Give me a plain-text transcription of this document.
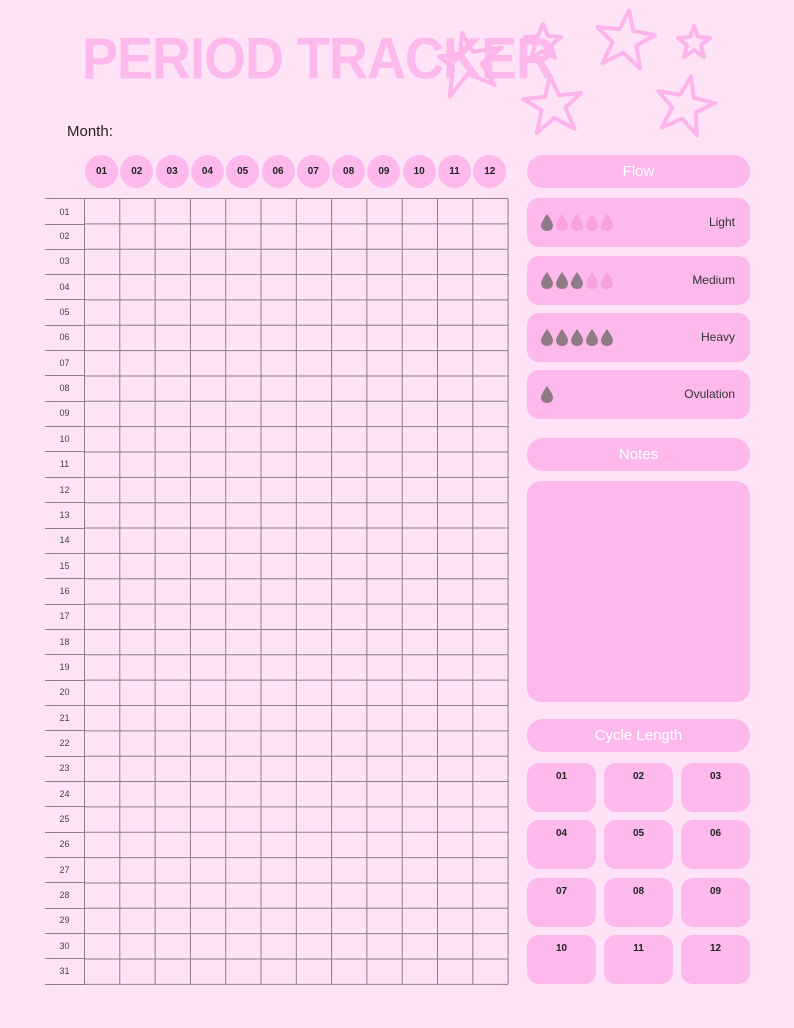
PERIOD TRACKER
Month:
01	02	03	04	05	06	07	08	09	10	11	12
01
02
03
04
05
06
07
08
09
10
11
12
13
14
15
16
17
18
19
20
21
22
23
24
25
26
27
28
29
30
31
Flow
Light
Medium
Heavy
Ovulation
Notes
Cycle Length
01	02	03
04	05	06
07	08	09
10	11	12
